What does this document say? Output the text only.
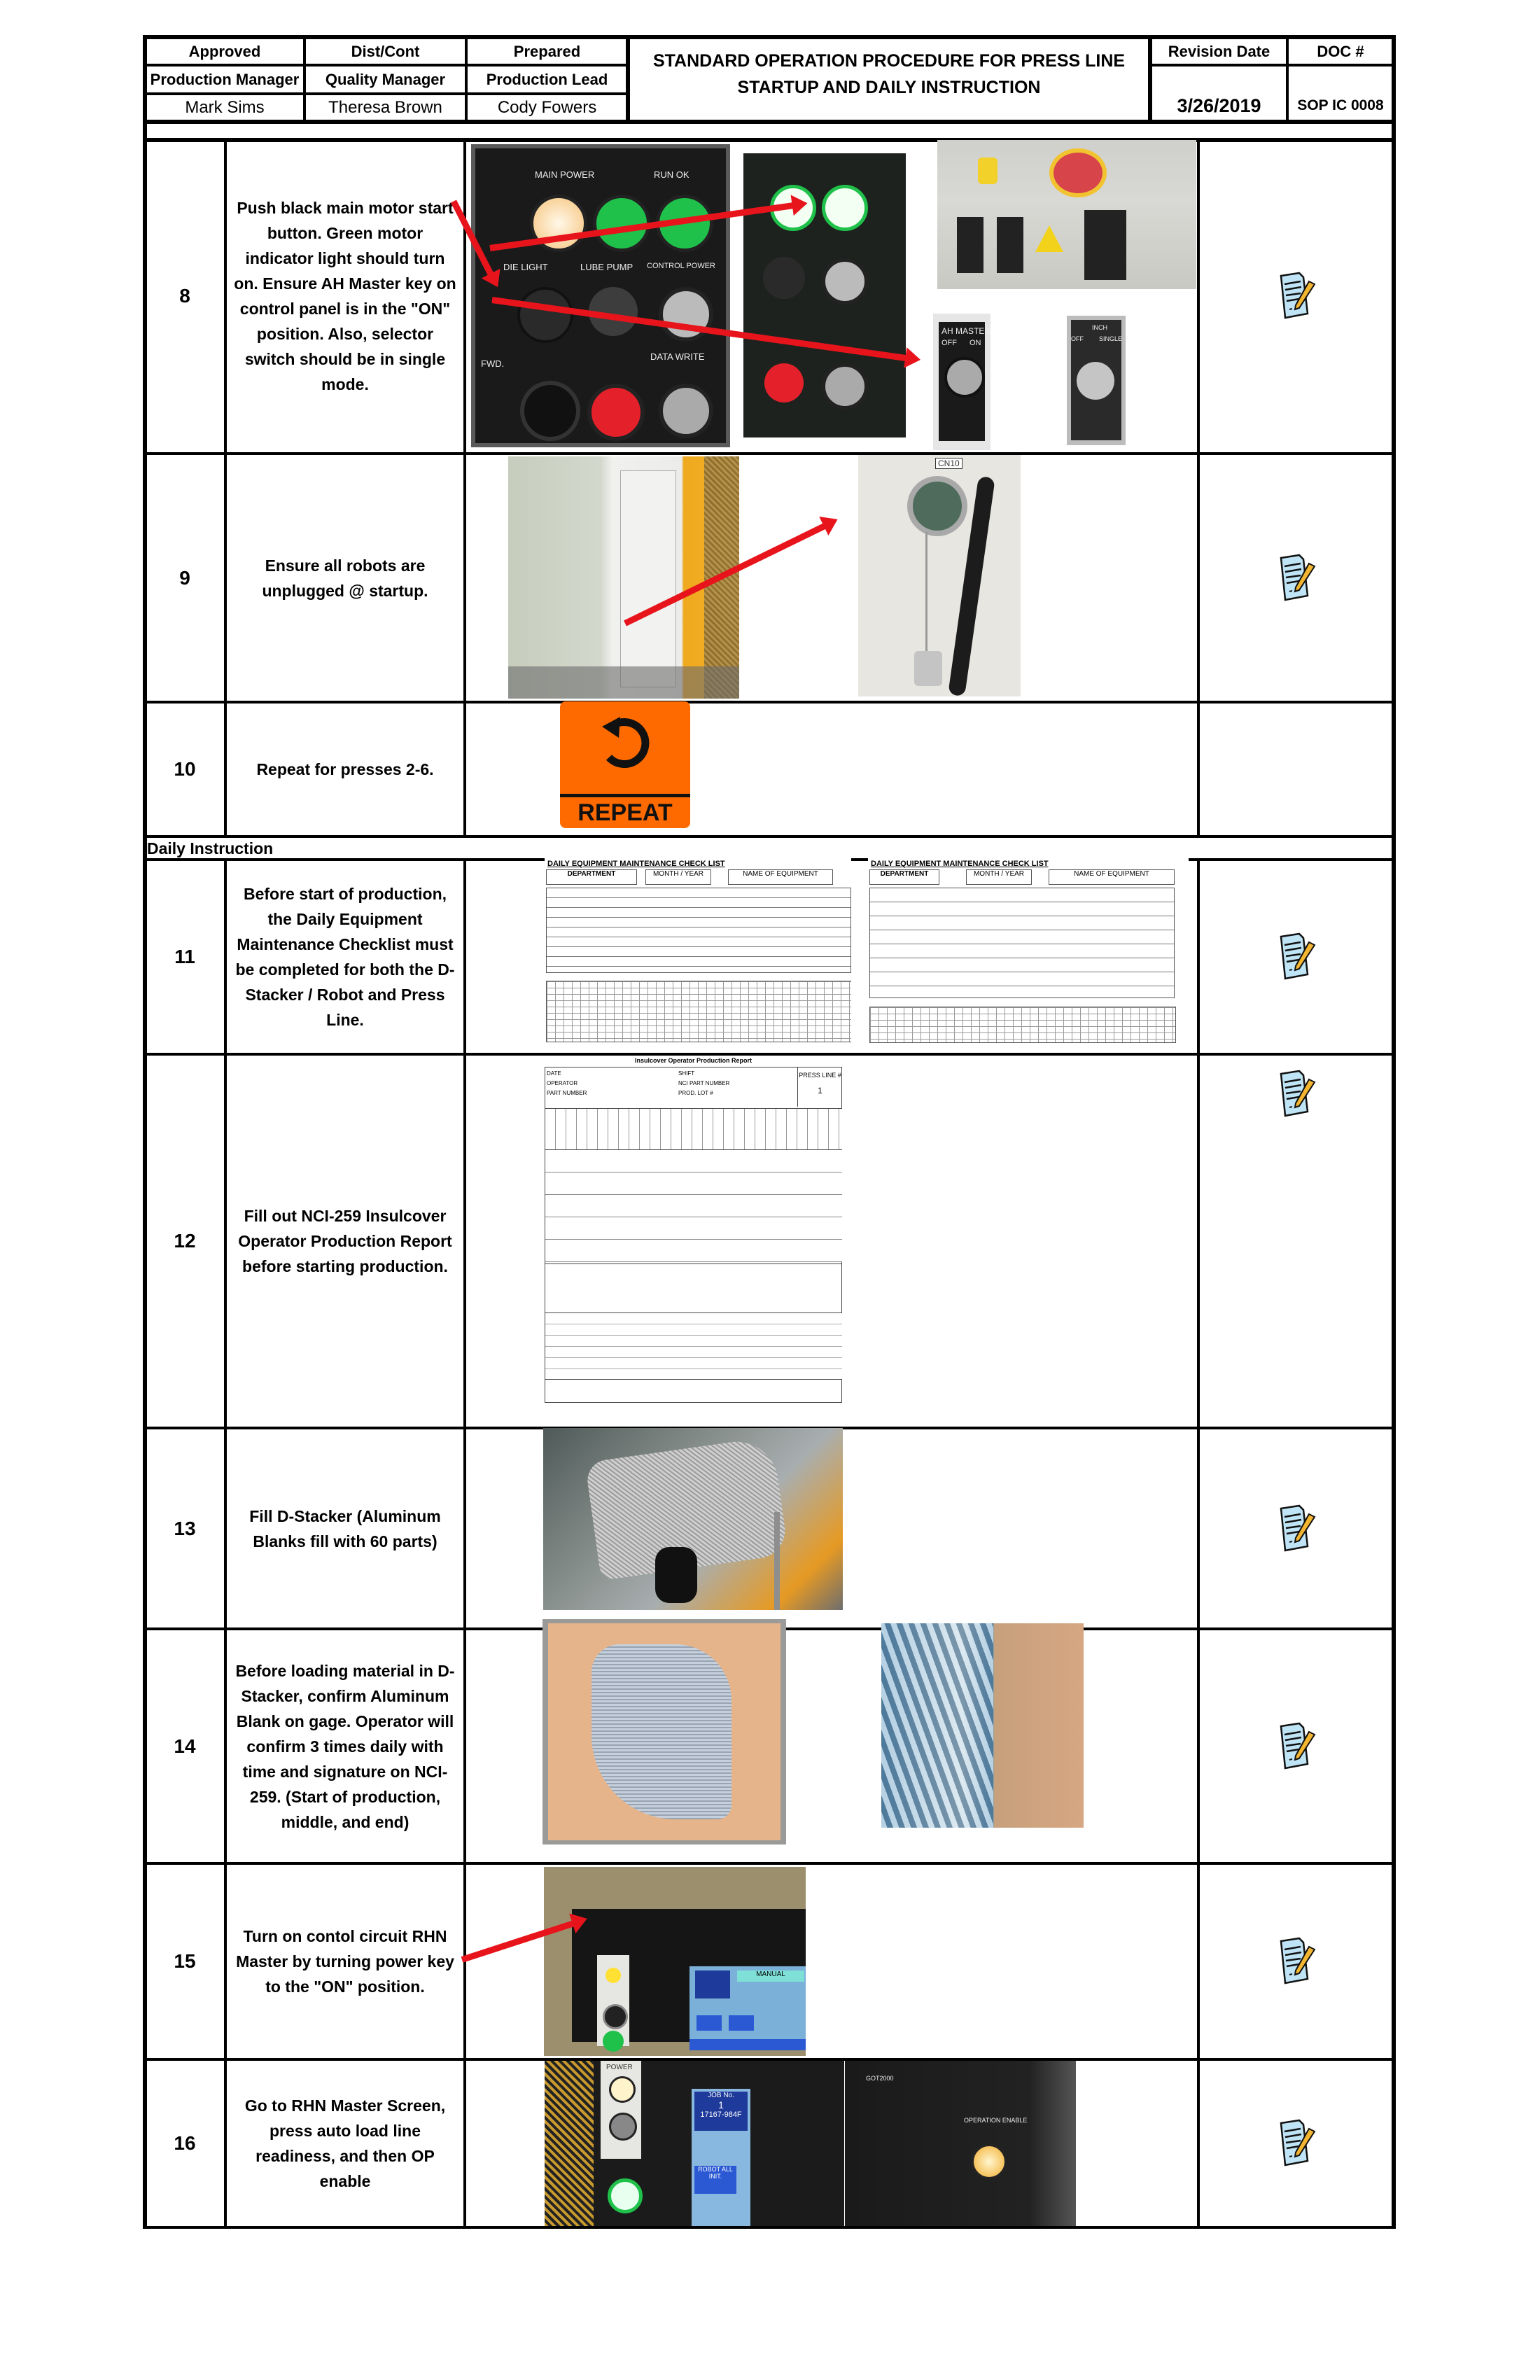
Approved	Dist/Cont	Prepared
Production Manager	Quality Manager	Production Lead
Mark Sims	Theresa Brown	Cody Fowers
STANDARD OPERATION PROCEDURE FOR PRESS LINE
STARTUP AND DAILY INSTRUCTION
Revision Date	DOC #
3/26/2019	SOP IC 0008
8
Push black main motor start button. Green motor indicator light should turn on. Ensure AH Master key on control panel is in the "ON" position. Also, selector switch should be in single mode.
MAIN POWER	RUN OK
DIE LIGHT	LUBE PUMP CONTROL POWER
DATA WRITE
FWD.
AH MASTER
OFF ON
INCH
OFF SINGLE
9
Ensure all robots are unplugged @ startup.
CN10
10	Repeat for presses 2-6.
REPEAT
Daily Instruction
11
Before start of production, the Daily Equipment Maintenance Checklist must be completed for both the D-Stacker / Robot and Press Line.
DAILY EQUIPMENT MAINTENANCE CHECK LIST
DEPARTMENT	MONTH / YEAR	NAME OF EQUIPMENT
DAILY EQUIPMENT MAINTENANCE CHECK LIST
DEPARTMENT	MONTH / YEAR	NAME OF EQUIPMENT
12
Fill out NCI-259 Insulcover Operator Production Report before starting production.
Insulcover Operator Production Report
DATE
OPERATOR
PART NUMBER
SHIFT
NCI PART NUMBER
PROD. LOT #
PRESS LINE #
1
13
Fill D-Stacker (Aluminum Blanks fill with 60 parts)
14
Before loading material in D-Stacker, confirm Aluminum Blank on gage. Operator will confirm 3 times daily with time and signature on NCI-259. (Start of production, middle, and end)
15
Turn on contol circuit RHN Master by turning power key to the "ON" position.
MANUAL
16
Go to RHN Master Screen, press auto load line readiness, and then OP enable
POWER
JOB No.
1
17167-984F
ROBOT ALL INIT.
OPERATION ENABLE
GOT2000
